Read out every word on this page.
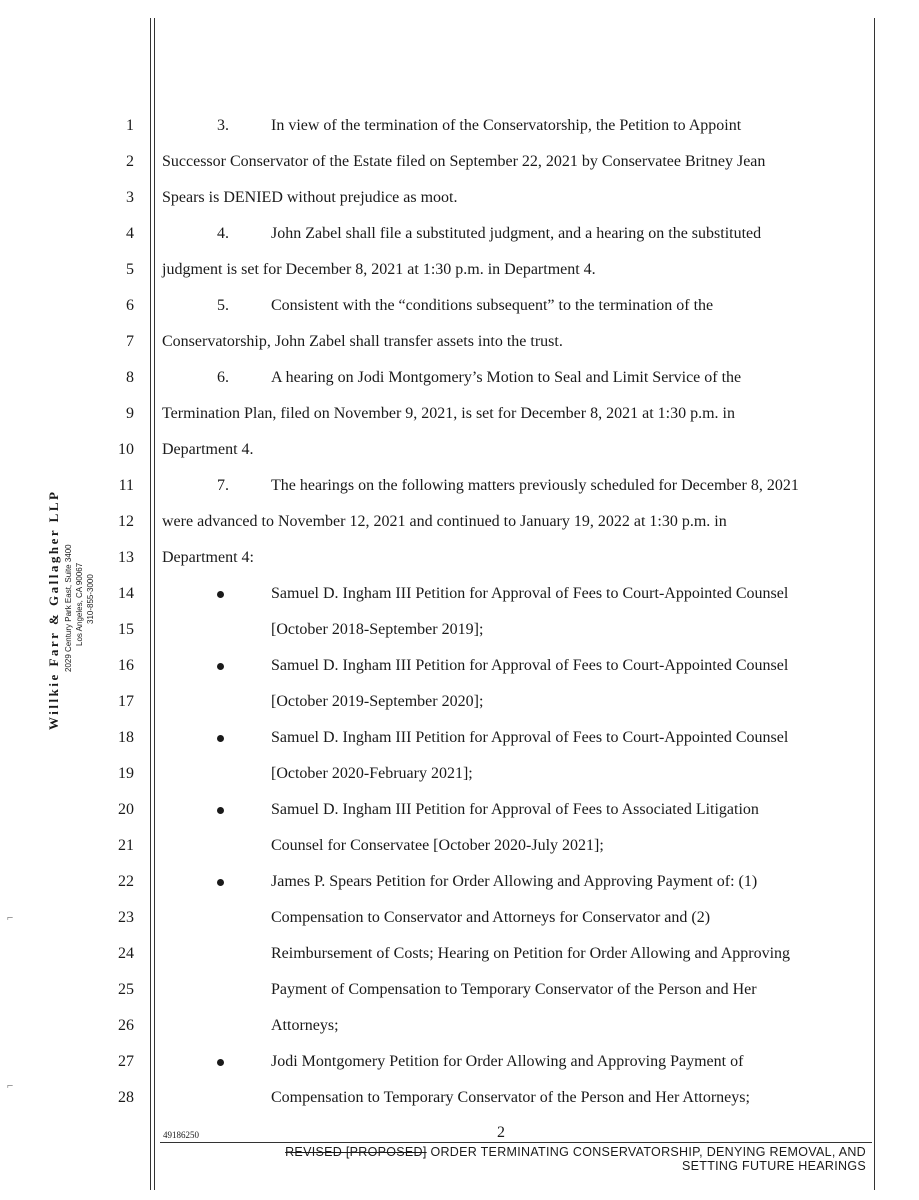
Willkie Farr & Gallagher LLP 2029 Century Park East, Suite 3400 Los Angeles, CA 90067 310-855-3000
1
2
3
4
5
6
7
8
9
10
11
12
13
14
15
16
17
18
19
20
21
22
23
24
25
26
27
28
3.	In view of the termination of the Conservatorship, the Petition to Appoint
Successor Conservator of the Estate filed on September 22, 2021 by Conservatee Britney Jean
Spears is DENIED without prejudice as moot.
4.	John Zabel shall file a substituted judgment, and a hearing on the substituted
judgment is set for December 8, 2021 at 1:30 p.m. in Department 4.
5.	Consistent with the “conditions subsequent” to the termination of the
Conservatorship, John Zabel shall transfer assets into the trust.
6.	A hearing on Jodi Montgomery’s Motion to Seal and Limit Service of the
Termination Plan, filed on November 9, 2021, is set for December 8, 2021 at 1:30 p.m. in
Department 4.
7.	The hearings on the following matters previously scheduled for December 8, 2021
were advanced to November 12, 2021 and continued to January 19, 2022 at 1:30 p.m. in
Department 4:
Samuel D. Ingham III Petition for Approval of Fees to Court-Appointed Counsel
[October 2018-September 2019];
Samuel D. Ingham III Petition for Approval of Fees to Court-Appointed Counsel
[October 2019-September 2020];
Samuel D. Ingham III Petition for Approval of Fees to Court-Appointed Counsel
[October 2020-February 2021];
Samuel D. Ingham III Petition for Approval of Fees to Associated Litigation
Counsel for Conservatee [October 2020-July 2021];
James P. Spears Petition for Order Allowing and Approving Payment of: (1)
Compensation to Conservator and Attorneys for Conservator and (2)
Reimbursement of Costs; Hearing on Petition for Order Allowing and Approving
Payment of Compensation to Temporary Conservator of the Person and Her
Attorneys;
Jodi Montgomery Petition for Order Allowing and Approving Payment of
Compensation to Temporary Conservator of the Person and Her Attorneys;
49186250	2
REVISED [PROPOSED] ORDER TERMINATING CONSERVATORSHIP, DENYING REMOVAL, AND
SETTING FUTURE HEARINGS
⌐
⌐
